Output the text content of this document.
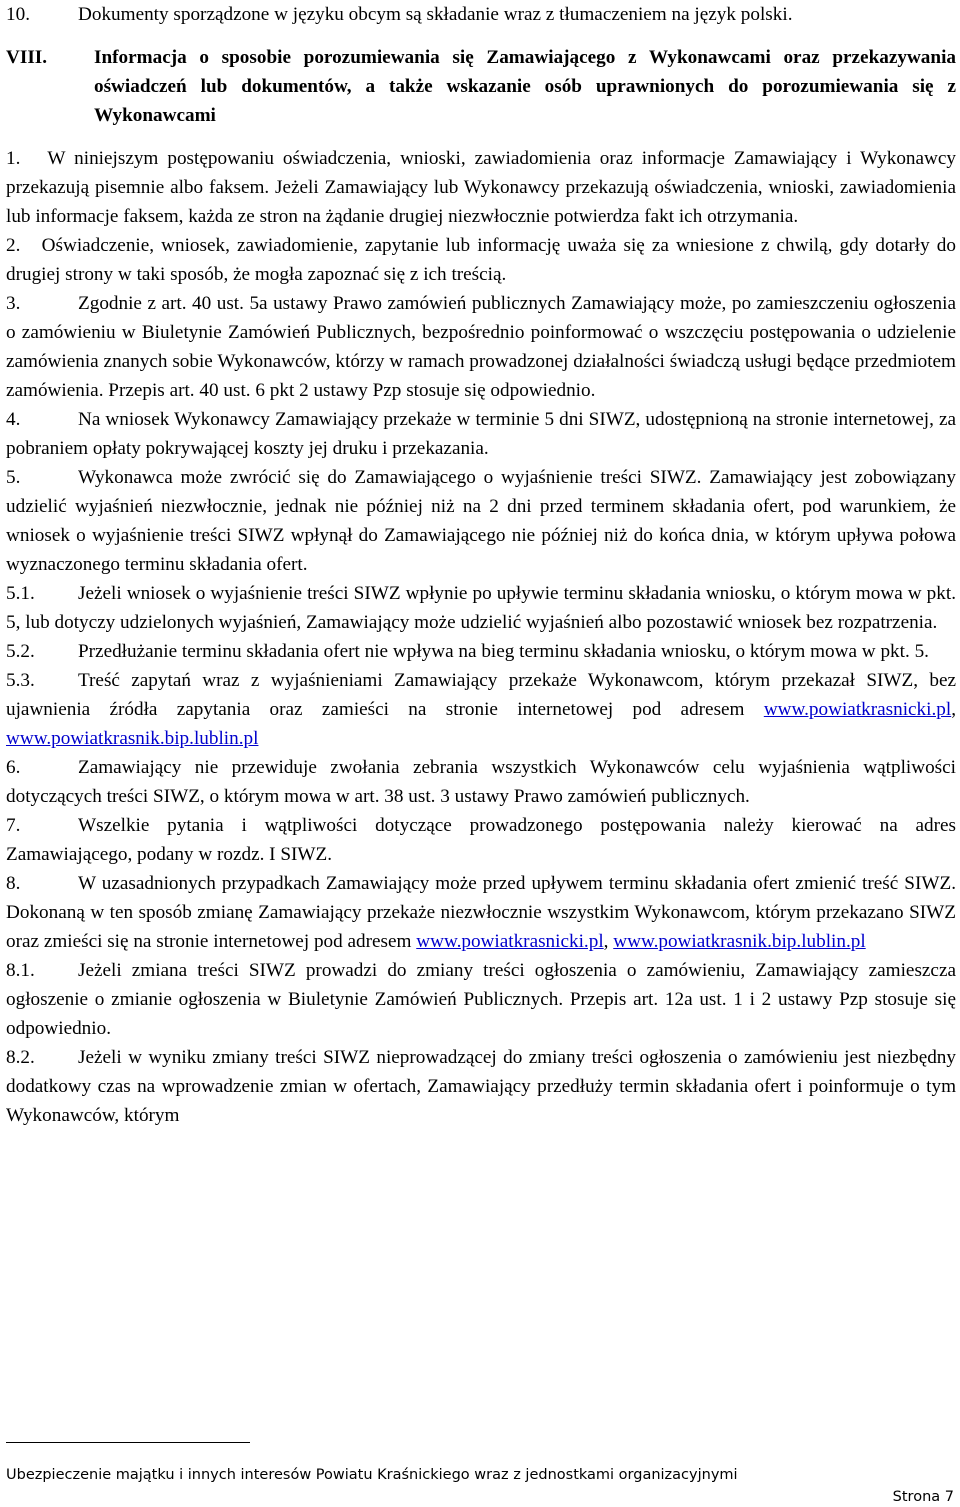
10.	Dokumenty sporządzone w języku obcym są składanie wraz z tłumaczeniem na język polski.
VIII.	Informacja o sposobie porozumiewania się Zamawiającego z Wykonawcami oraz przekazywania oświadczeń lub dokumentów, a także wskazanie osób uprawnionych do porozumiewania się z Wykonawcami
1. W niniejszym postępowaniu oświadczenia, wnioski, zawiadomienia oraz informacje Zamawiający i Wykonawcy przekazują pisemnie albo faksem. Jeżeli Zamawiający lub Wykonawcy przekazują oświadczenia, wnioski, zawiadomienia lub informacje faksem, każda ze stron na żądanie drugiej niezwłocznie potwierdza fakt ich otrzymania.
2. Oświadczenie, wniosek, zawiadomienie, zapytanie lub informację uważa się za wniesione z chwilą, gdy dotarły do drugiej strony w taki sposób, że mogła zapoznać się z ich treścią.
3.	Zgodnie z art. 40 ust. 5a ustawy Prawo zamówień publicznych Zamawiający może, po zamieszczeniu ogłoszenia o zamówieniu w Biuletynie Zamówień Publicznych, bezpośrednio poinformować o wszczęciu postępowania o udzielenie zamówienia znanych sobie Wykonawców, którzy w ramach prowadzonej działalności świadczą usługi będące przedmiotem zamówienia. Przepis art. 40 ust. 6 pkt 2 ustawy Pzp stosuje się odpowiednio.
4.	Na wniosek Wykonawcy Zamawiający przekaże w terminie 5 dni SIWZ, udostępnioną na stronie internetowej, za pobraniem opłaty pokrywającej koszty jej druku i przekazania.
5.	Wykonawca może zwrócić się do Zamawiającego o wyjaśnienie treści SIWZ. Zamawiający jest zobowiązany udzielić wyjaśnień niezwłocznie, jednak nie później niż na 2 dni przed terminem składania ofert, pod warunkiem, że wniosek o wyjaśnienie treści SIWZ wpłynął do Zamawiającego nie później niż do końca dnia, w którym upływa połowa wyznaczonego terminu składania ofert.
5.1. Jeżeli wniosek o wyjaśnienie treści SIWZ wpłynie po upływie terminu składania wniosku, o którym mowa w pkt. 5, lub dotyczy udzielonych wyjaśnień, Zamawiający może udzielić wyjaśnień albo pozostawić wniosek bez rozpatrzenia.
5.2. Przedłużanie terminu składania ofert nie wpływa na bieg terminu składania wniosku, o którym mowa w pkt. 5.
5.3. Treść zapytań wraz z wyjaśnieniami Zamawiający przekaże Wykonawcom, którym przekazał SIWZ, bez ujawnienia źródła zapytania oraz zamieści na stronie internetowej pod adresem www.powiatkrasnicki.pl, www.powiatkrasnik.bip.lublin.pl
6.	Zamawiający nie przewiduje zwołania zebrania wszystkich Wykonawców celu wyjaśnienia wątpliwości dotyczących treści SIWZ, o którym mowa w art. 38 ust. 3 ustawy Prawo zamówień publicznych.
7.	Wszelkie pytania i wątpliwości dotyczące prowadzonego postępowania należy kierować na adres Zamawiającego, podany w rozdz. I SIWZ.
8.	W uzasadnionych przypadkach Zamawiający może przed upływem terminu składania ofert zmienić treść SIWZ. Dokonaną w ten sposób zmianę Zamawiający przekaże niezwłocznie wszystkim Wykonawcom, którym przekazano SIWZ oraz zmieści się na stronie internetowej pod adresem www.powiatkrasnicki.pl, www.powiatkrasnik.bip.lublin.pl
8.1. Jeżeli zmiana treści SIWZ prowadzi do zmiany treści ogłoszenia o zamówieniu, Zamawiający zamieszcza ogłoszenie o zmianie ogłoszenia w Biuletynie Zamówień Publicznych. Przepis art. 12a ust. 1 i 2 ustawy Pzp stosuje się odpowiednio.
8.2. Jeżeli w wyniku zmiany treści SIWZ nieprowadzącej do zmiany treści ogłoszenia o zamówieniu jest niezbędny dodatkowy czas na wprowadzenie zmian w ofertach, Zamawiający przedłuży termin składania ofert i poinformuje o tym Wykonawców, którym
Ubezpieczenie majątku i innych interesów Powiatu Kraśnickiego wraz z jednostkami organizacyjnymi
Strona 7
